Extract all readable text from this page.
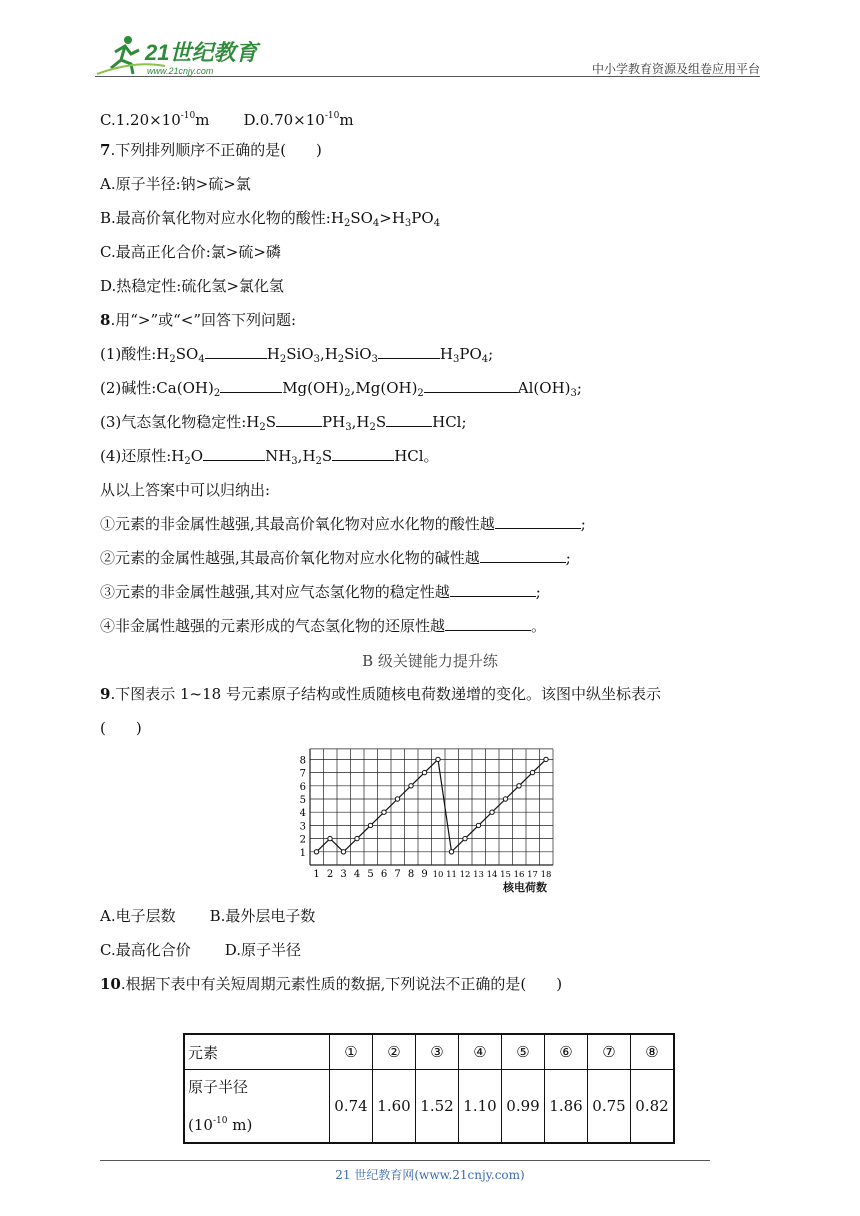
21世纪教育
www.21cnjy.com	中小学教育资源及组卷应用平台
$C.1.20\times 10^{-10}m$ $D.0.70\times 10^{-10}m$
7.下列排列顺序不正确的是(　　)
A.原子半径:钠>硫>氯
B.最高价氧化物对应水化物的酸性$:H_2SO_4>H_3PO_4$
C.最高正化合价:氯>硫>磷
D.热稳定性:硫化氢>氯化氢
8.用“>”或“<”回答下列问题:
(1)酸性$:H_2SO_4$	$H_2SiO_3,H_2SiO_3$	$H_3PO_4$;
(2)碱性$:Ca(OH)_2$	$Mg(OH)_2,Mg(OH)_2$	$Al(OH)_3$;
(3)气态氢化物稳定性$:H_2S$	$PH_3,H_2S$	HCl;
(4)还原性$:H_2O$	$NH_3,H_2S$	HCl。
从以上答案中可以归纳出:
①元素的非金属性越强,其最高价氧化物对应水化物的酸性越	;
②元素的金属性越强,其最高价氧化物对应水化物的碱性越	;
③元素的非金属性越强,其对应气态氢化物的稳定性越	;
④非金属性越强的元素形成的气态氢化物的还原性越	。
B 级关键能力提升练
9.下图表示 1~18 号元素原子结构或性质随核电荷数递增的变化。该图中纵坐标表示
(　　)
1
2
3
4
5
6
7
8
1 2 3 4 5 6 7 8 9 10 11 12 13 14 15 16 17 18
核电荷数
A.电子层数 B.最外层电子数
C.最高化合价 D.原子半径
10.根据下表中有关短周期元素性质的数据,下列说法不正确的是(　　)
元素	①	②	③	④	⑤	⑥	⑦	⑧
原子半径
($10^{-10}$ m)	0.74	1.60	1.52	1.10	0.99	1.86	0.75	0.82
21 世纪教育网(www.21cnjy.com)
